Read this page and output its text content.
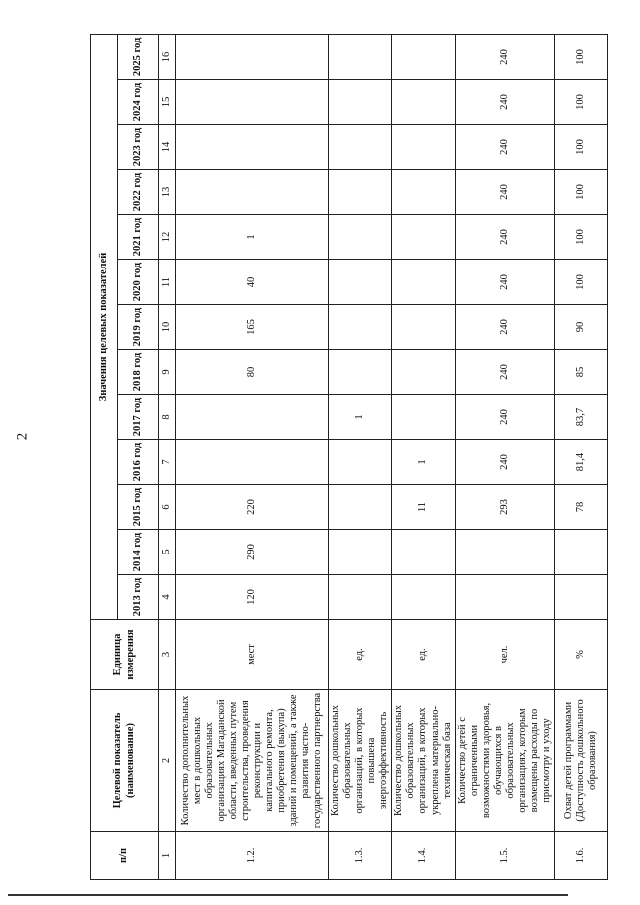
2
п/п	Целевой показатель (наименование)	Единица измерения	Значения целевых показателей												
			2013 год	2014 год	2015 год	2016 год	2017 год	2018 год	2019 год	2020 год	2021 год	2022 год	2023 год	2024 год	2025 год
1	2	3	4	5	6	7	8	9	10	11	12	13	14	15	16
1.2.	Количество дополнительных мест в дошкольных образовательных организациях Магаданской области, введенных путем строительства, проведения реконструкции и капитального ремонта, приобретения (выкупа) зданий и помещений, а также развития частно-государственного партнерства	мест	120	290	220			80	165	40	1				
1.3.	Количество дошкольных образовательных организаций, в которых повышена энергоэффективность	ед.					1								
1.4.	Количество дошкольных образовательных организаций, в которых укреплена материально-техническая база	ед.			11	1									
1.5.	Количество детей с ограниченными возможностями здоровья, обучающихся в образовательных организациях, которым возмещены расходы по присмотру и уходу	чел.			293	240	240	240	240	240	240	240	240	240	240
1.6.	Охват детей программами (Доступность дошкольного образования)	%			78	81,4	83,7	85	90	100	100	100	100	100	100
